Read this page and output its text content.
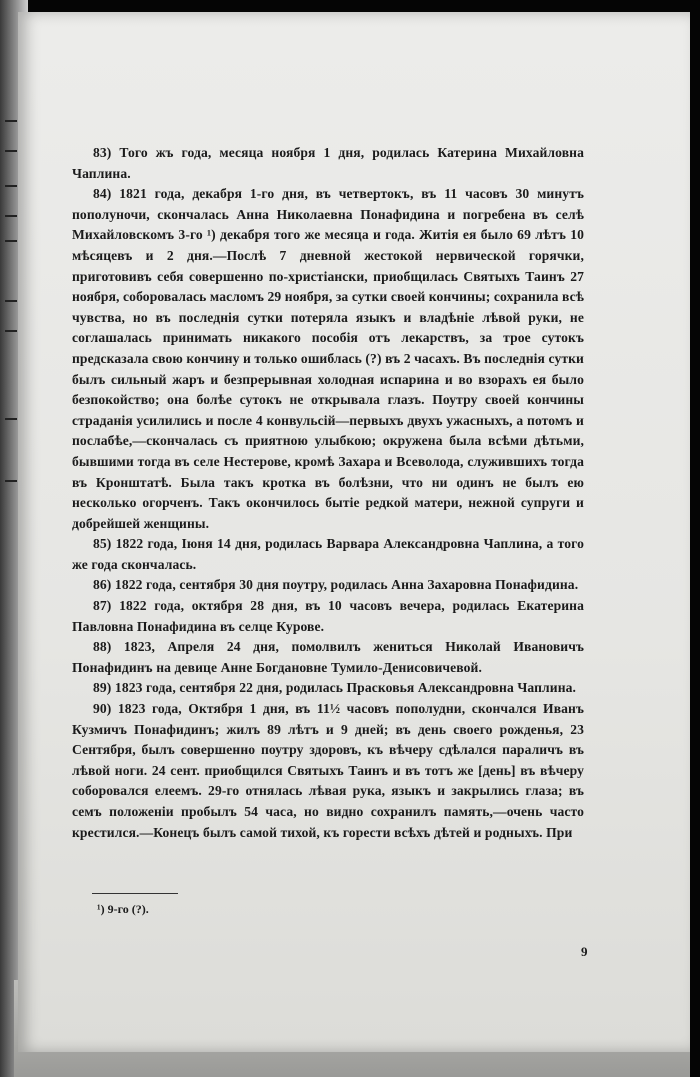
83) Того жъ года, месяца ноября 1 дня, родилась Катерина Михайловна Чаплина.

84) 1821 года, декабря 1-го дня, въ четвертокъ, въ 11 часовъ 30 минутъ пополуночи, скончалась Анна Николаевна Понафидина и погребена въ селѣ Михайловскомъ 3-го ¹) декабря того же месяца и года. Житія ея было 69 лѣтъ 10 мѣсяцевъ и 2 дня.—Послѣ 7 дневной жестокой нервической горячки, приготовивъ себя совершенно по-христіански, приобщилась Святыхъ Таинъ 27 ноября, соборовалась масломъ 29 ноября, за сутки своей кончины; сохранила всѣ чувства, но въ последнія сутки потеряла языкъ и владѣніе лѣвой руки, не соглашалась принимать никакого пособія отъ лекарствъ, за трое сутокъ предсказала свою кончину и только ошиблась (?) въ 2 часахъ. Въ последнія сутки былъ сильный жаръ и безпрерывная холодная испарина и во взорахъ ея было безпокойство; она болѣе сутокъ не открывала глазъ. Поутру своей кончины страданія усилились и после 4 конвульсій—первыхъ двухъ ужасныхъ, а потомъ и послабѣе,—скончалась съ приятною улыбкою; окружена была всѣми дѣтьми, бывшими тогда въ селе Нестерове, кромѣ Захара и Всеволода, служившихъ тогда въ Кронштатѣ. Была такъ кротка въ болѣзни, что ни одинъ не былъ ею несколько огорченъ. Такъ окончилось бытіе редкой матери, нежной супруги и добрейшей женщины.

85) 1822 года, Іюня 14 дня, родилась Варвара Александровна Чаплина, а того же года скончалась.

86) 1822 года, сентября 30 дня поутру, родилась Анна Захаровна Понафидина.

87) 1822 года, октября 28 дня, въ 10 часовъ вечера, родилась Екатерина Павловна Понафидина въ селце Курове.

88) 1823, Апреля 24 дня, помолвилъ жениться Николай Ивановичъ Понафидинъ на девице Анне Богдановне Тумило-Денисовичевой.

89) 1823 года, сентября 22 дня, родилась Прасковья Александровна Чаплина.

90) 1823 года, Октября 1 дня, въ 11½ часовъ пополудни, скончался Иванъ Кузмичъ Понафидинъ; жилъ 89 лѣтъ и 9 дней; въ день своего рожденья, 23 Сентября, былъ совершенно поутру здоровъ, къ вѣчеру сдѣлался параличъ въ лѣвой ноги. 24 сент. приобщился Святыхъ Таинъ и въ тотъ же [день] въ вѣчеру соборовался елеемъ. 29-го отнялась лѣвая рука, языкъ и закрылись глаза; въ семъ положеніи пробылъ 54 часа, но видно сохранилъ память,—очень часто крестился.—Конецъ былъ самой тихой, къ горести всѣхъ дѣтей и родныхъ. При

¹) 9-го (?).
9
